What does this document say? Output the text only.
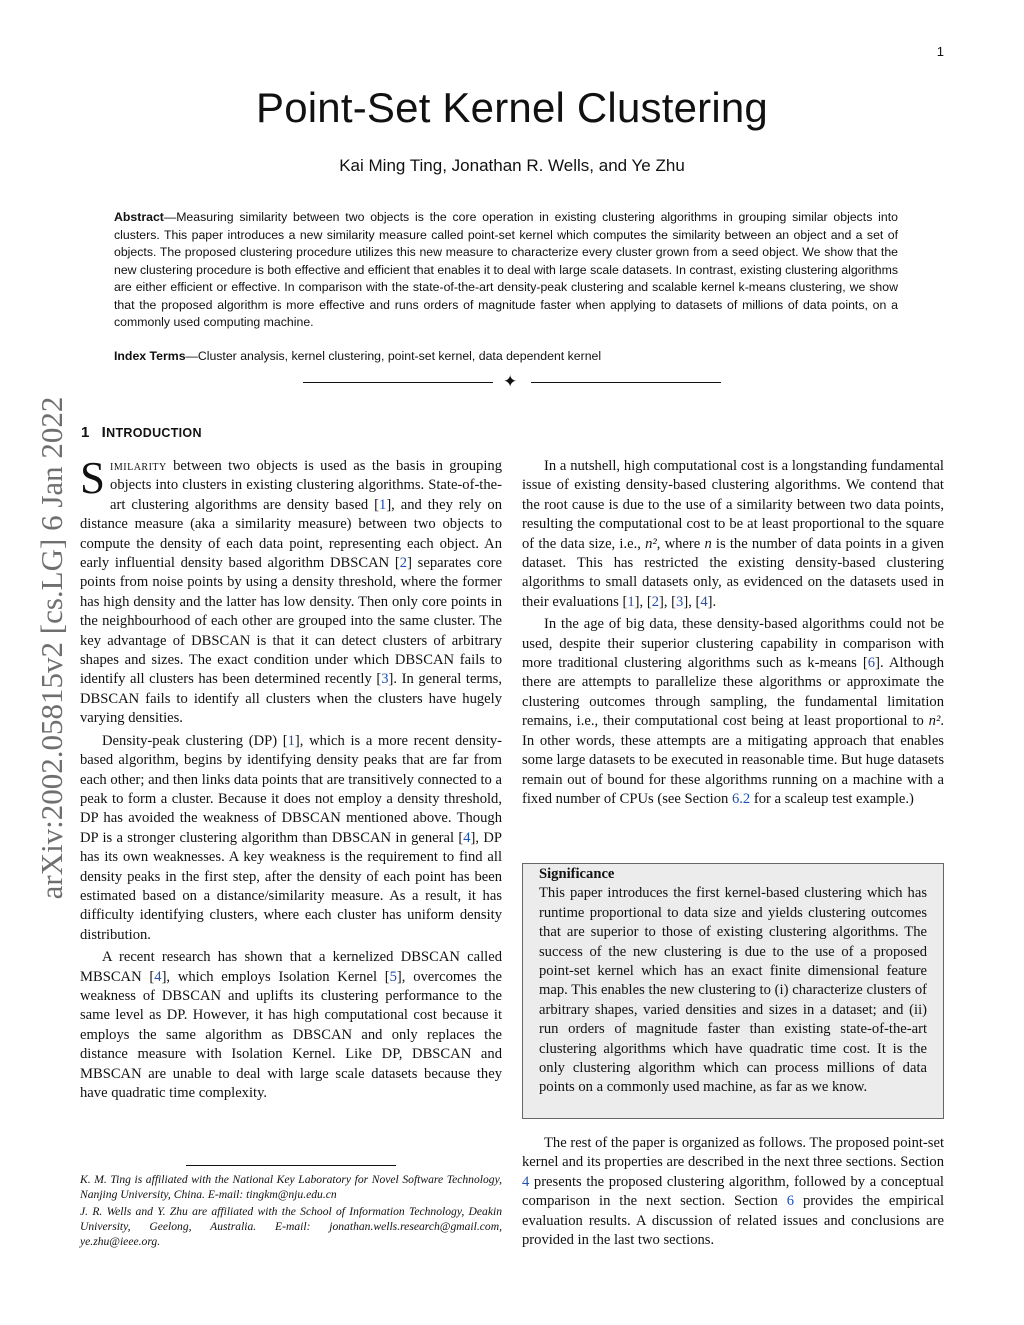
1
Point-Set Kernel Clustering
Kai Ming Ting, Jonathan R. Wells, and Ye Zhu
Abstract—Measuring similarity between two objects is the core operation in existing clustering algorithms in grouping similar objects into clusters. This paper introduces a new similarity measure called point-set kernel which computes the similarity between an object and a set of objects. The proposed clustering procedure utilizes this new measure to characterize every cluster grown from a seed object. We show that the new clustering procedure is both effective and efficient that enables it to deal with large scale datasets. In contrast, existing clustering algorithms are either efficient or effective. In comparison with the state-of-the-art density-peak clustering and scalable kernel k-means clustering, we show that the proposed algorithm is more effective and runs orders of magnitude faster when applying to datasets of millions of data points, on a commonly used computing machine.
Index Terms—Cluster analysis, kernel clustering, point-set kernel, data dependent kernel
✦
arXiv:2002.05815v2 [cs.LG] 6 Jan 2022 1 INTRODUCTION

Similarity between two objects is used as the basis in grouping objects into clusters in existing clustering algorithms. State-of-the-art clustering algorithms are density based [1], and they rely on distance measure (aka a similarity measure) between two objects to compute the density of each data point, representing each object. An early influential density based algorithm DBSCAN [2] separates core points from noise points by using a density threshold, where the former has high density and the latter has low density. Then only core points in the neighbourhood of each other are grouped into the same cluster. The key advantage of DBSCAN is that it can detect clusters of arbitrary shapes and sizes. The exact condition under which DBSCAN fails to identify all clusters has been determined recently [3]. In general terms, DBSCAN fails to identify all clusters when the clusters have hugely varying densities.

Density-peak clustering (DP) [1], which is a more recent density-based algorithm, begins by identifying density peaks that are far from each other; and then links data points that are transitively connected to a peak to form a cluster. Because it does not employ a density threshold, DP has avoided the weakness of DBSCAN mentioned above. Though DP is a stronger clustering algorithm than DBSCAN in general [4], DP has its own weaknesses. A key weakness is the requirement to find all density peaks in the first step, after the density of each point has been estimated based on a distance/similarity measure. As a result, it has difficulty identifying clusters, where each cluster has uniform density distribution.

A recent research has shown that a kernelized DBSCAN called MBSCAN [4], which employs Isolation Kernel [5], overcomes the weakness of DBSCAN and uplifts its clustering performance to the same level as DP. However, it has high computational cost because it employs the same algorithm as DBSCAN and only replaces the distance measure with Isolation Kernel. Like DP, DBSCAN and MBSCAN are unable to deal with large scale datasets because they have quadratic time complexity.

In a nutshell, high computational cost is a longstanding fundamental issue of existing density-based clustering algorithms. We contend that the root cause is due to the use of a similarity between two data points, resulting the computational cost to be at least proportional to the square of the data size, i.e., n², where n is the number of data points in a given dataset. This has restricted the existing density-based clustering algorithms to small datasets only, as evidenced on the datasets used in their evaluations [1], [2], [3], [4].

In the age of big data, these density-based algorithms could not be used, despite their superior clustering capability in comparison with more traditional clustering algorithms such as k-means [6]. Although there are attempts to parallelize these algorithms or approximate the clustering outcomes through sampling, the fundamental limitation remains, i.e., their computational cost being at least proportional to n². In other words, these attempts are a mitigating approach that enables some large datasets to be executed in reasonable time. But huge datasets remain out of bound for these algorithms running on a machine with a fixed number of CPUs (see Section 6.2 for a scaleup test example.)

Significance
This paper introduces the first kernel-based clustering which has runtime proportional to data size and yields clustering outcomes that are superior to those of existing clustering algorithms. The success of the new clustering is due to the use of a proposed point-set kernel which has an exact finite dimensional feature map. This enables the new clustering to (i) characterize clusters of arbitrary shapes, varied densities and sizes in a dataset; and (ii) run orders of magnitude faster than existing state-of-the-art clustering algorithms which have quadratic time cost. It is the only clustering algorithm which can process millions of data points on a commonly used machine, as far as we know.

The rest of the paper is organized as follows. The proposed point-set kernel and its properties are described in the next three sections. Section 4 presents the proposed clustering algorithm, followed by a conceptual comparison in the next section. Section 6 provides the empirical evaluation results. A discussion of related issues and conclusions are provided in the last two sections.

K. M. Ting is affiliated with the National Key Laboratory for Novel Software Technology, Nanjing University, China. E-mail: tingkm@nju.edu.cn

J. R. Wells and Y. Zhu are affiliated with the School of Information Technology, Deakin University, Geelong, Australia. E-mail: jonathan.wells.research@gmail.com, ye.zhu@ieee.org.
